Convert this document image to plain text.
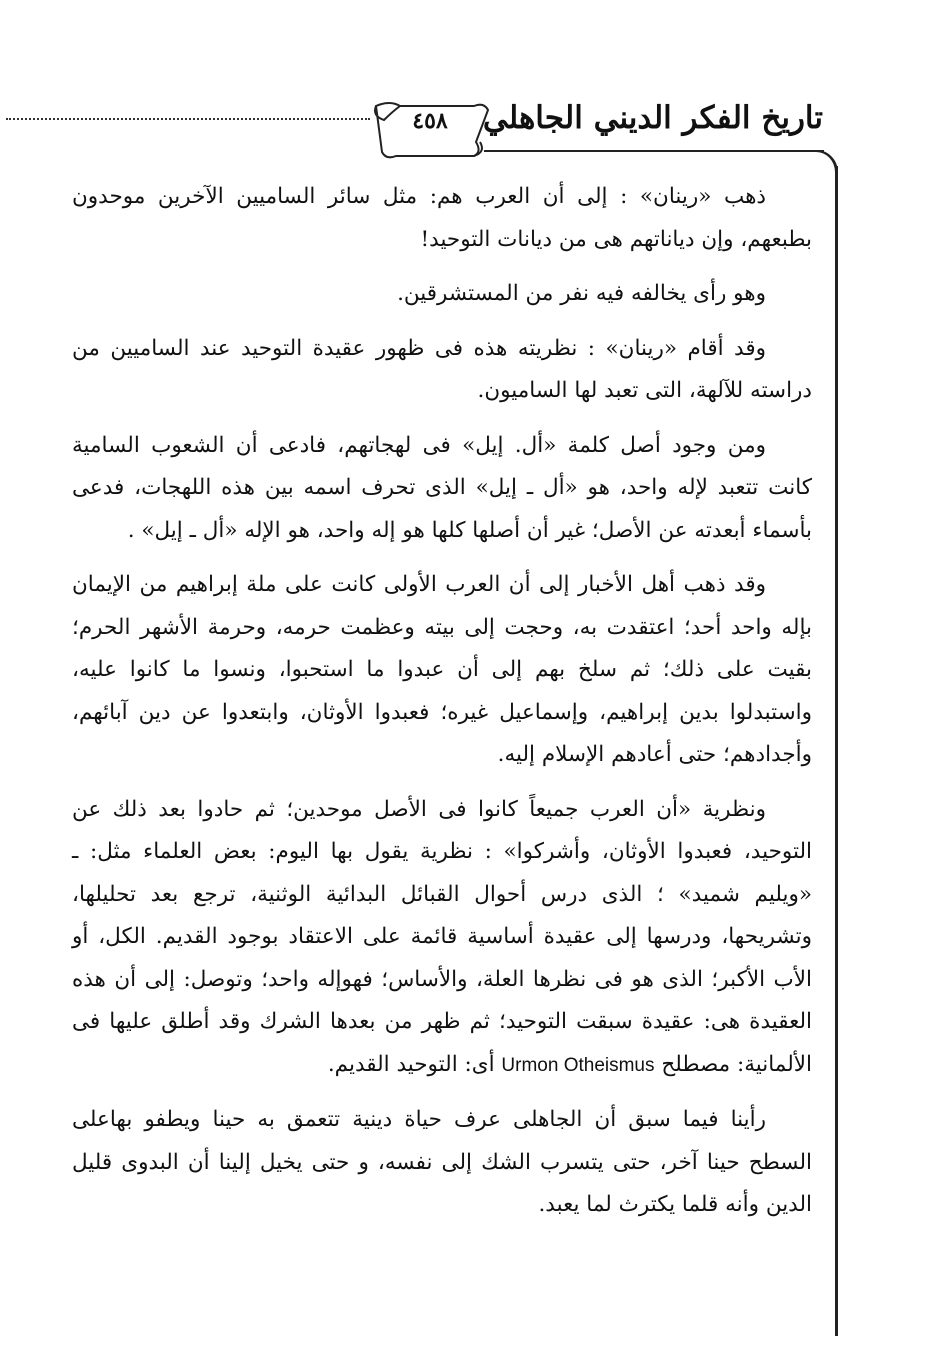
٤٥٨	تاريخ الفكر الديني الجاهلي

ذهب «رينان» : إلى أن العرب هم: مثل سائر الساميين الآخرين موحدون بطبعهم، وإن دياناتهم هى من ديانات التوحيد!

وهو رأى يخالفه فيه نفر من المستشرقين.

وقد أقام «رينان» : نظريته هذه فى ظهور عقيدة التوحيد عند الساميين من دراسته للآلهة، التى تعبد لها الساميون.

ومن وجود أصل كلمة «أل. إيل» فى لهجاتهم، فادعى أن الشعوب السامية كانت تتعبد لإله واحد، هو «أل ـ إيل» الذى تحرف اسمه بين هذه اللهجات، فدعى بأسماء أبعدته عن الأصل؛ غير أن أصلها كلها هو إله واحد، هو الإله «أل ـ إيل» .

وقد ذهب أهل الأخبار إلى أن العرب الأولى كانت على ملة إبراهيم من الإيمان بإله واحد أحد؛ اعتقدت به، وحجت إلى بيته وعظمت حرمه، وحرمة الأشهر الحرم؛ بقيت على ذلك؛ ثم سلخ بهم إلى أن عبدوا ما استحبوا، ونسوا ما كانوا عليه، واستبدلوا بدين إبراهيم، وإسماعيل غيره؛ فعبدوا الأوثان، وابتعدوا عن دين آبائهم، وأجدادهم؛ حتى أعادهم الإسلام إليه.

ونظرية «أن العرب جميعاً كانوا فى الأصل موحدين؛ ثم حادوا بعد ذلك عن التوحيد، فعبدوا الأوثان، وأشركوا» : نظرية يقول بها اليوم: بعض العلماء مثل: ـ «ويليم شميد» ؛ الذى درس أحوال القبائل البدائية الوثنية، ترجع بعد تحليلها، وتشريحها، ودرسها إلى عقيدة أساسية قائمة على الاعتقاد بوجود القديم. الكل، أو الأب الأكبر؛ الذى هو فى نظرها العلة، والأساس؛ فهوإله واحد؛ وتوصل: إلى أن هذه العقيدة هى: عقيدة سبقت التوحيد؛ ثم ظهر من بعدها الشرك وقد أطلق عليها فى الألمانية: مصطلح Urmon Otheismus أى: التوحيد القديم.

رأينا فيما سبق أن الجاهلى عرف حياة دينية تتعمق به حينا ويطفو بهاعلى السطح حينا آخر، حتى يتسرب الشك إلى نفسه، و حتى يخيل إلينا أن البدوى قليل الدين وأنه قلما يكترث لما يعبد.
